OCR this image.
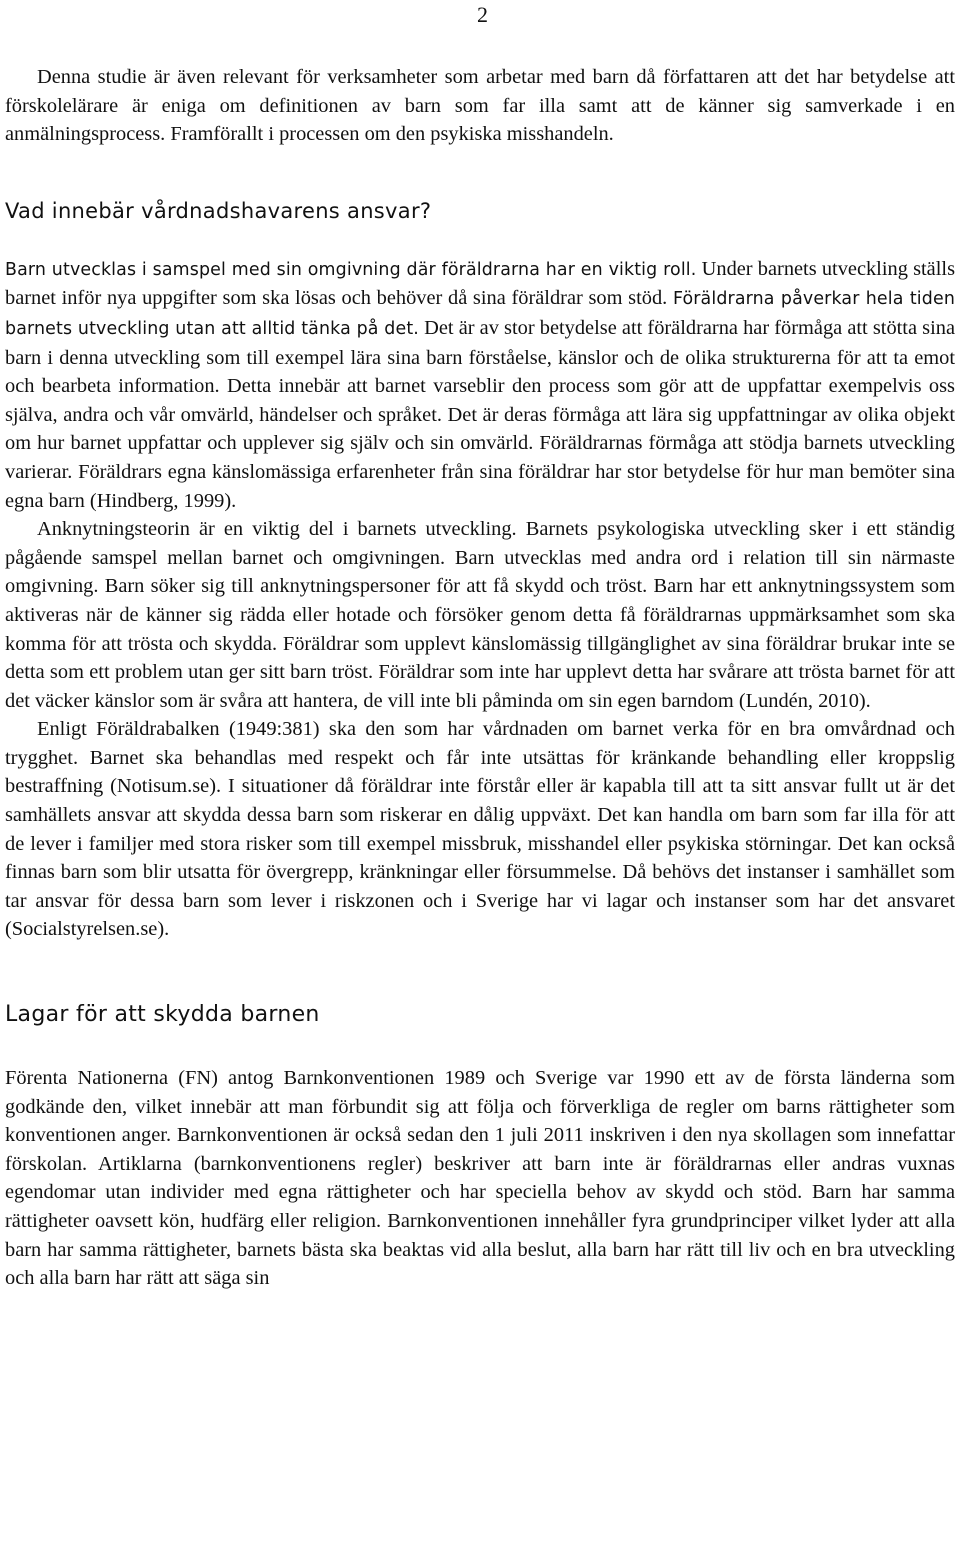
2

Denna studie är även relevant för verksamheter som arbetar med barn då författaren att det har betydelse att förskolelärare är eniga om definitionen av barn som far illa samt att de känner sig samverkade i en anmälningsprocess. Framförallt i processen om den psykiska misshandeln.

Vad innebär vårdnadshavarens ansvar?

Barn utvecklas i samspel med sin omgivning där föräldrarna har en viktig roll. Under barnets utveckling ställs barnet inför nya uppgifter som ska lösas och behöver då sina föräldrar som stöd. Föräldrarna påverkar hela tiden barnets utveckling utan att alltid tänka på det. Det är av stor betydelse att föräldrarna har förmåga att stötta sina barn i denna utveckling som till exempel lära sina barn förståelse, känslor och de olika strukturerna för att ta emot och bearbeta information. Detta innebär att barnet varseblir den process som gör att de uppfattar exempelvis oss själva, andra och vår omvärld, händelser och språket. Det är deras förmåga att lära sig uppfattningar av olika objekt om hur barnet uppfattar och upplever sig själv och sin omvärld. Föräldrarnas förmåga att stödja barnets utveckling varierar. Föräldrars egna känslomässiga erfarenheter från sina föräldrar har stor betydelse för hur man bemöter sina egna barn (Hindberg, 1999).

Anknytningsteorin är en viktig del i barnets utveckling. Barnets psykologiska utveckling sker i ett ständig pågående samspel mellan barnet och omgivningen. Barn utvecklas med andra ord i relation till sin närmaste omgivning. Barn söker sig till anknytningspersoner för att få skydd och tröst. Barn har ett anknytningssystem som aktiveras när de känner sig rädda eller hotade och försöker genom detta få föräldrarnas uppmärksamhet som ska komma för att trösta och skydda. Föräldrar som upplevt känslomässig tillgänglighet av sina föräldrar brukar inte se detta som ett problem utan ger sitt barn tröst. Föräldrar som inte har upplevt detta har svårare att trösta barnet för att det väcker känslor som är svåra att hantera, de vill inte bli påminda om sin egen barndom (Lundén, 2010).

Enligt Föräldrabalken (1949:381) ska den som har vårdnaden om barnet verka för en bra omvårdnad och trygghet. Barnet ska behandlas med respekt och får inte utsättas för kränkande behandling eller kroppslig bestraffning (Notisum.se). I situationer då föräldrar inte förstår eller är kapabla till att ta sitt ansvar fullt ut är det samhällets ansvar att skydda dessa barn som riskerar en dålig uppväxt. Det kan handla om barn som far illa för att de lever i familjer med stora risker som till exempel missbruk, misshandel eller psykiska störningar. Det kan också finnas barn som blir utsatta för övergrepp, kränkningar eller försummelse. Då behövs det instanser i samhället som tar ansvar för dessa barn som lever i riskzonen och i Sverige har vi lagar och instanser som har det ansvaret (Socialstyrelsen.se).

Lagar för att skydda barnen

Förenta Nationerna (FN) antog Barnkonventionen 1989 och Sverige var 1990 ett av de första länderna som godkände den, vilket innebär att man förbundit sig att följa och förverkliga de regler om barns rättigheter som konventionen anger. Barnkonventionen är också sedan den 1 juli 2011 inskriven i den nya skollagen som innefattar förskolan. Artiklarna (barnkonventionens regler) beskriver att barn inte är föräldrarnas eller andras vuxnas egendomar utan individer med egna rättigheter och har speciella behov av skydd och stöd. Barn har samma rättigheter oavsett kön, hudfärg eller religion. Barnkonventionen innehåller fyra grundprinciper vilket lyder att alla barn har samma rättigheter, barnets bästa ska beaktas vid alla beslut, alla barn har rätt till liv och en bra utveckling och alla barn har rätt att säga sin
